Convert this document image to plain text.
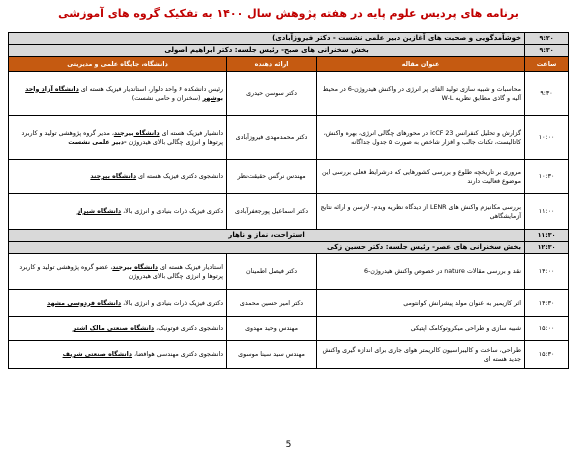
برنامه های پردیس علوم پایه در هفته پژوهش سال ۱۴۰۰ به تفکیک گروه های آموزشی
۹:۲۰	خوشآمدگویی و صحبت های آغازین دبیر علمی نشست - دکتر فیروزآبادی)		
۹:۳۰	بخش سخنرانی های صبح- رئیس جلسه: دکتر ابراهیم اصولی		
ساعت	عنوان مقاله	ارائه دهنده	دانشگاه، جایگاه علمی و مدیریتی
۹:۳۰	محاسبات و شبیه سازی تولید الفای پر انرژی در واکنش هیدروژن-6 در محیط آلیه و گاذی مطابق نظریه W-L	دکتر سوسن حیدری	رئیس دانشکده ۶ واحد دلوار، استاندیار فیزیک هسته ای دانشگاه آزاد واحد بوشهر (سخنران و حامی نشست)
۱۰:۰۰	گزارش و تحلیل کنفرانس icCF 23 در محورهای چگالی انرژی، بهره واکنش، کاتالیست، تکنات جالب و افزار شاخص به صورت ۵ جدول جداگانه	دکتر محمدمهدی فیروزآبادی	دانشیار فیزیک هسته ای دانشگاه بیرجند، مدیر گروه پژوهشی تولید و کاربرد پرتوها و انرژی چگالی بالای هیدروژن -دبیر علمی نشست
۱۰:۳۰	مروری بر تاریخچه طلوع و بررسی کشورهایی که درشرایط فعلی بررسی این موضوع فعالیت دارند	مهندس نرگس حقیقت‌نظر	دانشجوی دکتری فیزیک هسته ای دانشگاه بیرجند
۱۱:۰۰	بررسی مکانیزم واکنش های LENR از دیدگاه نظریه ویدم- لارسن و ارائه نتایج آزمایشگاهی	دکتر اسماعیل پورجعفرآبادی	دکتری فیزیک ذرات بنیادی و انرژی بالا، دانشگاه شیراز
۱۱:۳۰	استراحت، نماز و ناهار		
۱۲:۳۰	بخش سخنرانی های عصر- رئیس جلسه: دکتر حسین زکی		
۱۴:۰۰	نقد و بررسی مقالات nature در خصوص واکنش هیدروژن-6	دکتر فیصل اطمینان	استادیار فیزیک هسته ای دانشگاه بیرجند، عضو گروه پژوهشی تولید و کاربرد پرتوها و انرژی چگالی بالای هیدروژن
۱۴:۳۰	اثر کازیمیر به عنوان مولد پیشرانش کوانتومی	دکتر امیر حسین محمدی	دکتری فیزیک ذرات بنیادی و انرژی بالا، دانشگاه فردوسی مشهد
۱۵:۰۰	شبیه سازی و طراحی میکروتوکامک اپتیکی	مهندس وحید مهدوی	دانشجوی دکتری فوتونیک، دانشگاه صنعتی مالک اشتر
۱۵:۳۰	طراحی، ساخت و کالیبراسیون کالریمتر هوای جاری برای اندازه گیری واکنش جدید هسته ای	مهندس سید سینا موسوی	دانشجوی دکتری مهندسی هوافضا، دانشگاه صنعتی شریف
5
